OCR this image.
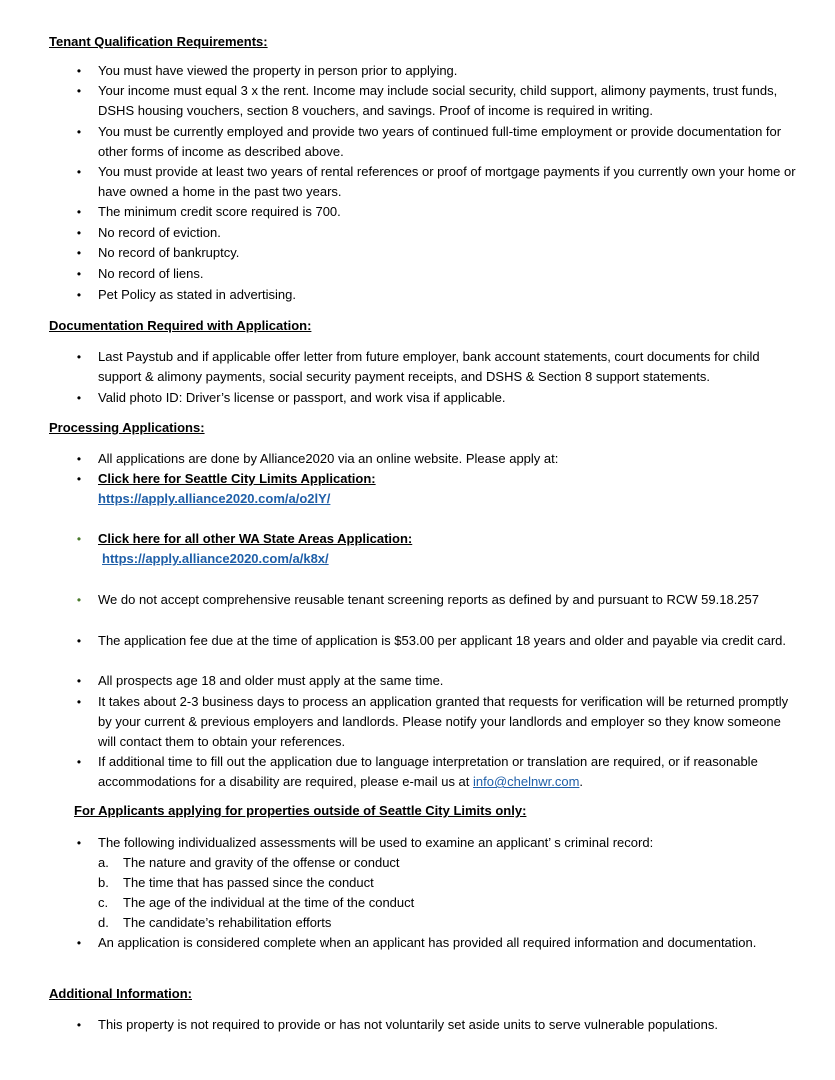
Tenant Qualification Requirements:
• You must have viewed the property in person prior to applying.
• Your income must equal 3 x the rent. Income may include social security, child support, alimony payments, trust funds, DSHS housing vouchers, section 8 vouchers, and savings. Proof of income is required in writing.
• You must be currently employed and provide two years of continued full-time employment or provide documentation for other forms of income as described above.
• You must provide at least two years of rental references or proof of mortgage payments if you currently own your home or have owned a home in the past two years.
• The minimum credit score required is 700.
• No record of eviction.
• No record of bankruptcy.
• No record of liens.
• Pet Policy as stated in advertising.
Documentation Required with Application:
• Last Paystub and if applicable offer letter from future employer, bank account statements, court documents for child support & alimony payments, social security payment receipts, and DSHS & Section 8 support statements.
• Valid photo ID: Driver’s license or passport, and work visa if applicable.
Processing Applications:
• All applications are done by Alliance2020 via an online website. Please apply at:
• Click here for Seattle City Limits Application:
https://apply.alliance2020.com/a/o2lY/
• Click here for all other WA State Areas Application:
https://apply.alliance2020.com/a/k8x/
• We do not accept comprehensive reusable tenant screening reports as defined by and pursuant to RCW 59.18.257
• The application fee due at the time of application is $53.00 per applicant 18 years and older and payable via credit card.
• All prospects age 18 and older must apply at the same time.
• It takes about 2-3 business days to process an application granted that requests for verification will be returned promptly by your current & previous employers and landlords. Please notify your landlords and employer so they know someone will contact them to obtain your references.
• If additional time to fill out the application due to language interpretation or translation are required, or if reasonable accommodations for a disability are required, please e-mail us at info@chelnwr.com.
For Applicants applying for properties outside of Seattle City Limits only:
• The following individualized assessments will be used to examine an applicant’ s criminal record:
a. The nature and gravity of the offense or conduct
b. The time that has passed since the conduct
c. The age of the individual at the time of the conduct
d. The candidate’s rehabilitation efforts
• An application is considered complete when an applicant has provided all required information and documentation.
Additional Information:
• This property is not required to provide or has not voluntarily set aside units to serve vulnerable populations.
